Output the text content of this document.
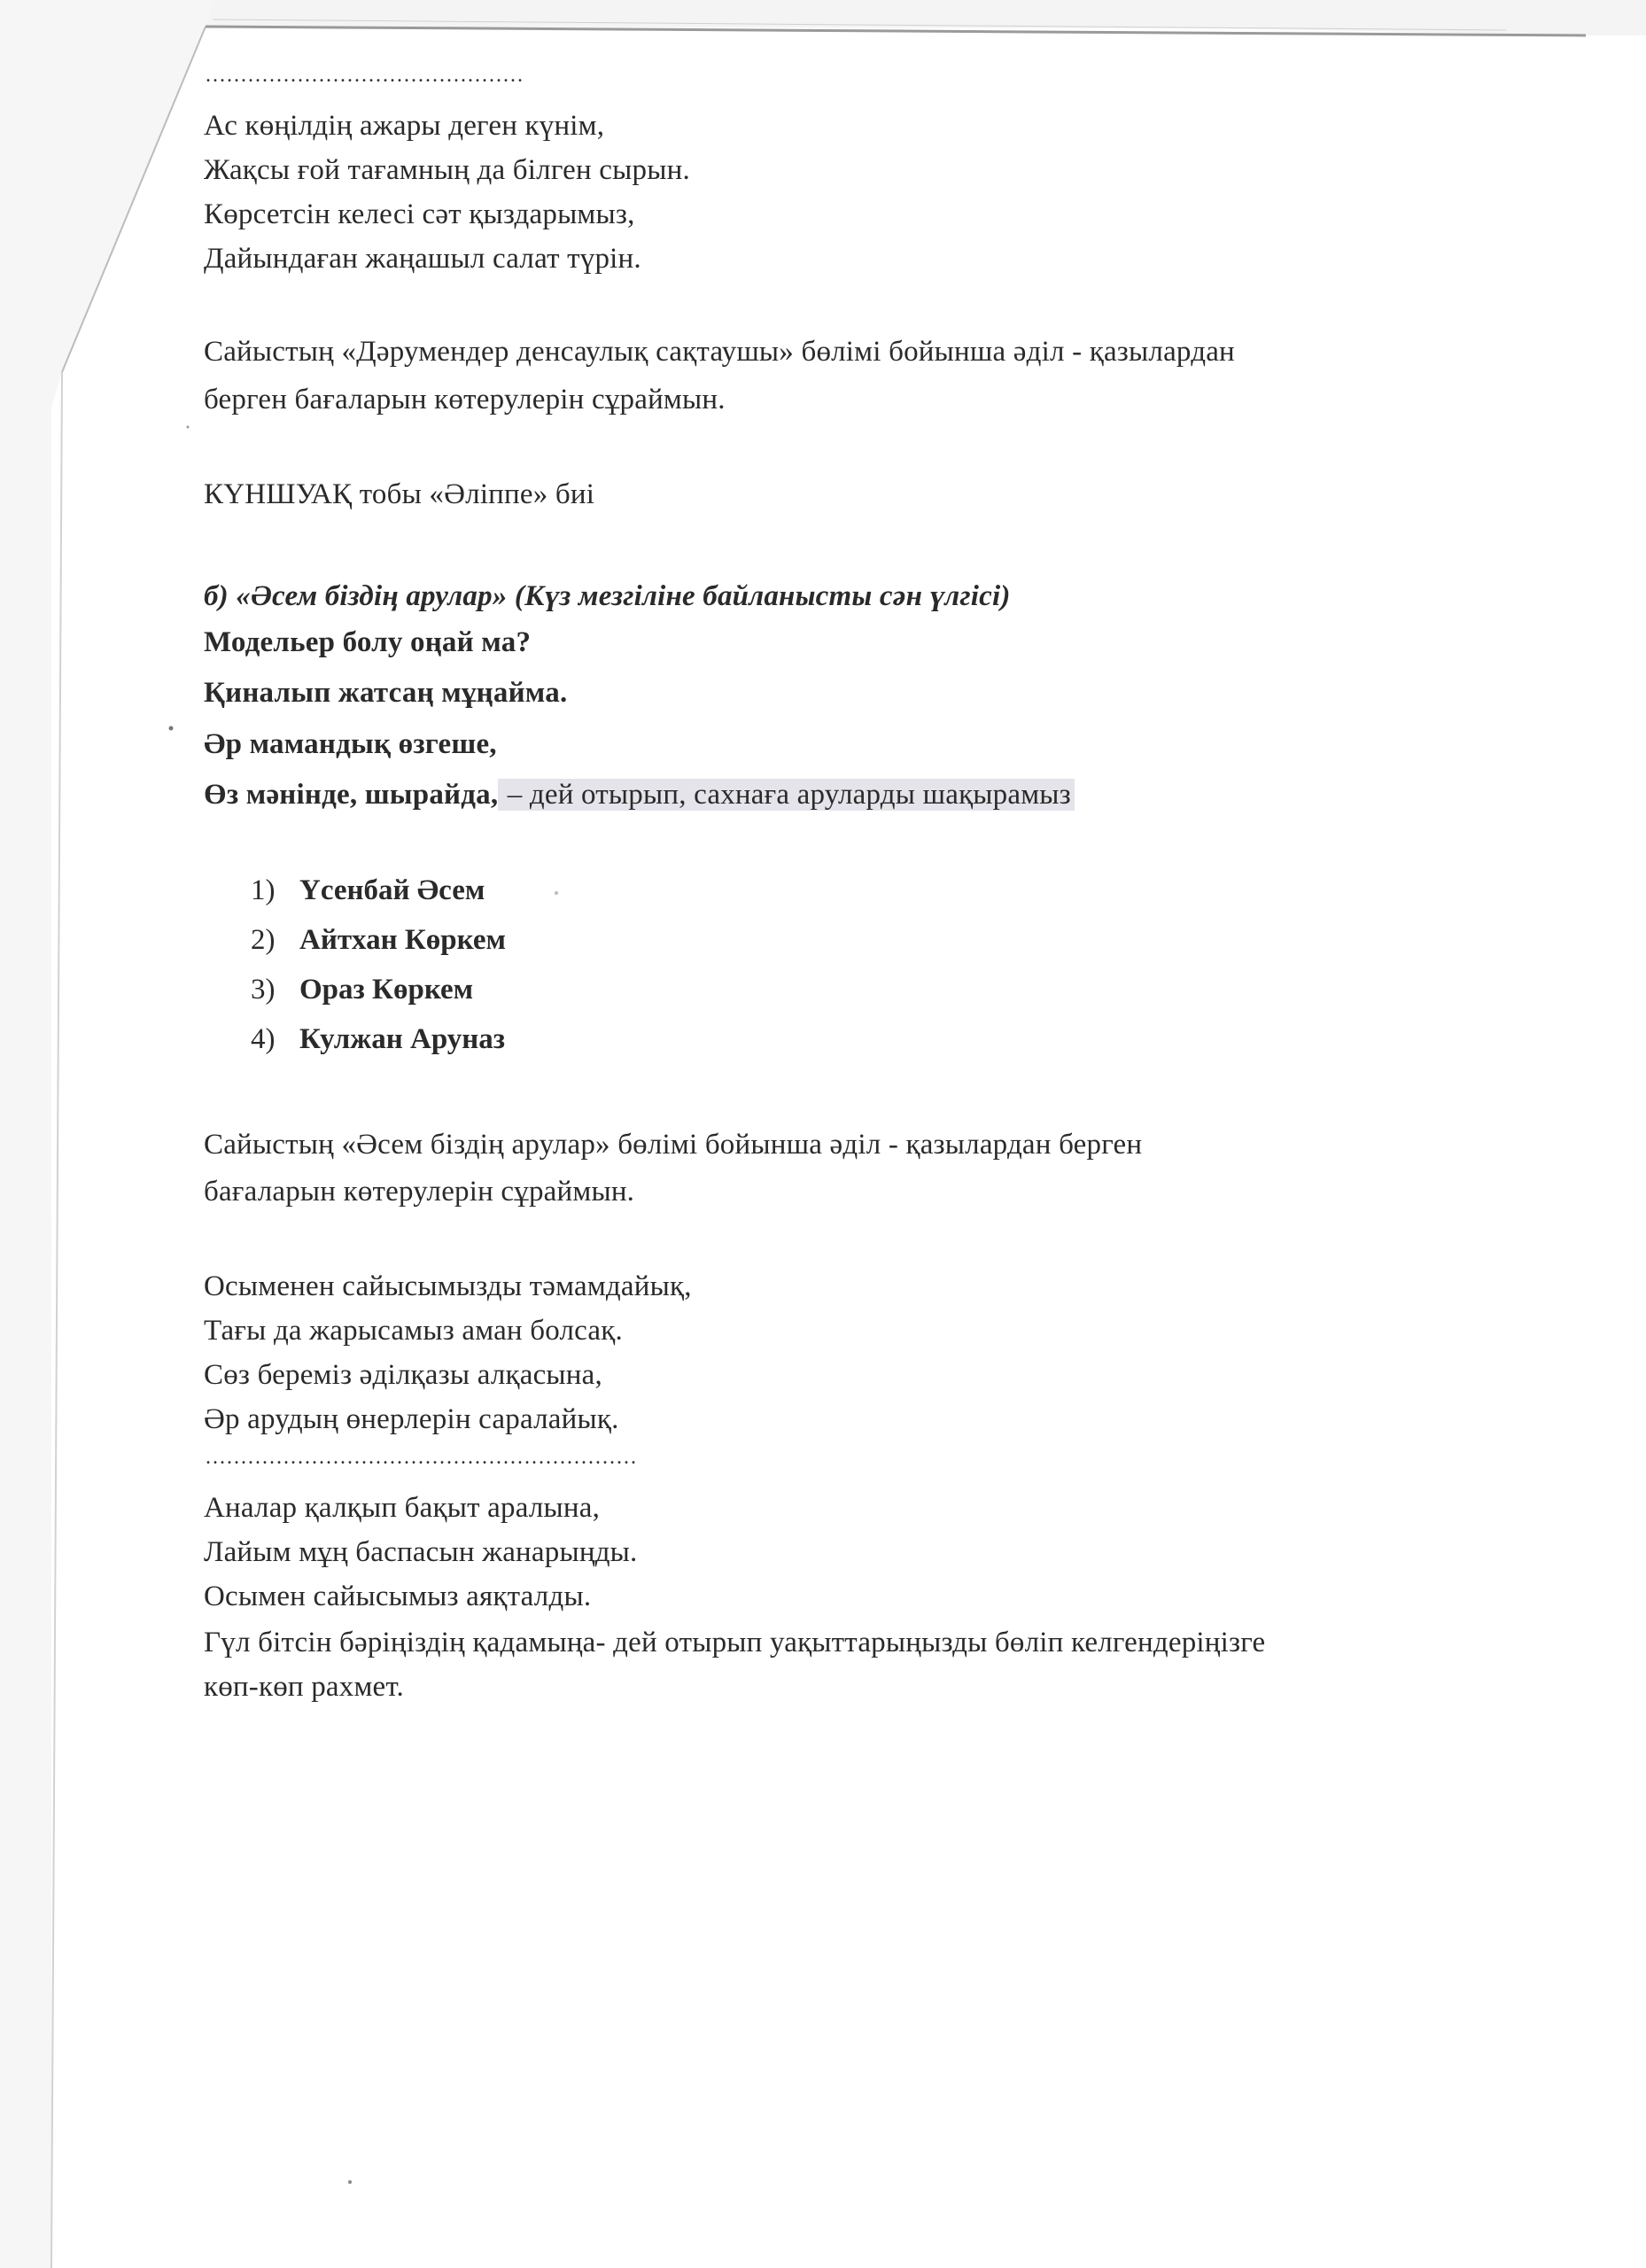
.............................................
Ас көңілдің ажары деген күнім,
Жақсы ғой тағамның да білген сырын.
Көрсетсін келесі сәт қыздарымыз,
Дайындаған жаңашыл салат түрін.
Сайыстың «Дәрумендер денсаулық сақтаушы» бөлімі бойынша әділ - қазылардан
берген бағаларын көтерулерін сұраймын.
КҮНШУАҚ тобы «Әліппе» биі
б) «Әсем біздің арулар» (Күз мезгіліне байланысты сән үлгісі)
Модельер болу оңай ма?
Қиналып жатсаң мұңайма.
Әр мамандық өзгеше,
Өз мәнінде, шырайда, – дей отырып, сахнаға аруларды шақырамыз
1) Үсенбай Әсем
2) Айтхан Көркем
3) Ораз Көркем
4) Кулжан Аруназ
Сайыстың «Әсем біздің арулар» бөлімі бойынша әділ - қазылардан берген
бағаларын көтерулерін сұраймын.
Осыменен сайысымызды тәмамдайық,
Тағы да жарысамыз аман болсақ.
Сөз береміз әділқазы алқасына,
Әр арудың өнерлерін саралайық.
.............................................................
Аналар қалқып бақыт аралына,
Лайым мұң баспасын жанарыңды.
Осымен сайысымыз аяқталды.
Гүл бітсін бәріңіздің қадамыңа- дей отырып уақыттарыңызды бөліп келгендеріңізге
көп-көп рахмет.
